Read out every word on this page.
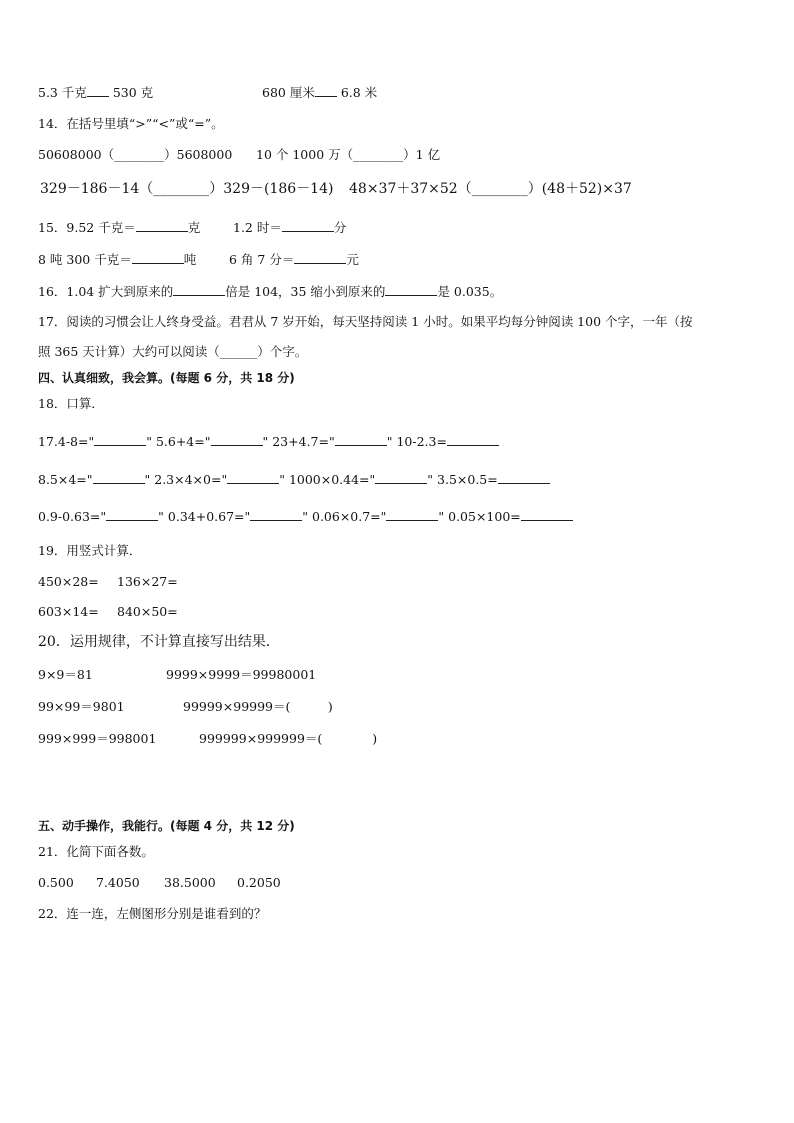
5.3 千克 530 克	680 厘米 6.8 米
14．在括号里填“>”“<”或“=”。
50608000（________）5608000 10 个 1000 万（________）1 亿
329－186－14（________）329－(186－14) 48×37＋37×52（________）(48＋52)×37
15．9.52 千克＝	克	1.2 时＝	分
8 吨 300 千克＝	吨	6 角 7 分＝	元
16．1.04 扩大到原来的	倍是 104，35 缩小到原来的	是 0.035。
17．阅读的习惯会让人终身受益。君君从 7 岁开始，每天坚持阅读 1 小时。如果平均每分钟阅读 100 个字，一年（按
照 365 天计算）大约可以阅读（______）个字。
四、认真细致，我会算。(每题 6 分，共 18 分)
18．口算．
17.4-8="	" 5.6+4="	" 23+4.7="	" 10-2.3=
8.5×4="	" 2.3×4×0="	" 1000×0.44="	" 3.5×0.5=
0.9-0.63="	" 0.34+0.67="	" 0.06×0.7="	" 0.05×100=
19．用竖式计算．
450×28= 136×27=
603×14= 840×50=
20．运用规律，不计算直接写出结果．
9×9＝81	9999×9999＝99980001
99×99＝9801	99999×99999＝(　　　)
999×999＝998001	999999×999999＝(　　　　)
五、动手操作，我能行。(每题 4 分，共 12 分)
21．化简下面各数。
0.500 7.4050 38.5000 0.2050
22．连一连，左侧图形分别是谁看到的？
